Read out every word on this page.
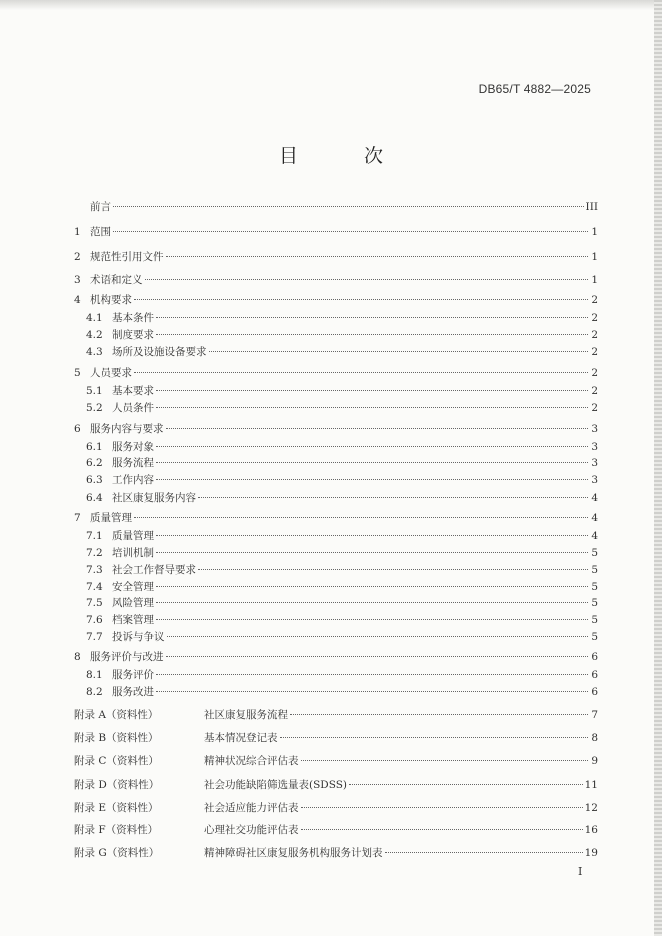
DB65/T 4882—2025
目 次
前言	III
1 范围	1
2 规范性引用文件	1
3 术语和定义	1
4 机构要求	2
4.1 基本条件	2
4.2 制度要求	2
4.3 场所及设施设备要求	2
5 人员要求	2
5.1 基本要求	2
5.2 人员条件	2
6 服务内容与要求	3
6.1 服务对象	3
6.2 服务流程	3
6.3 工作内容	3
6.4 社区康复服务内容	4
7 质量管理	4
7.1 质量管理	4
7.2 培训机制	5
7.3 社会工作督导要求	5
7.4 安全管理	5
7.5 风险管理	5
7.6 档案管理	5
7.7 投诉与争议	5
8 服务评价与改进	6
8.1 服务评价	6
8.2 服务改进	6
附录 A（资料性）	社区康复服务流程	7
附录 B（资料性）	基本情况登记表	8
附录 C（资料性）	精神状况综合评估表	9
附录 D（资料性）	社会功能缺陷筛选量表(SDSS)	11
附录 E（资料性）	社会适应能力评估表	12
附录 F（资料性）	心理社交功能评估表	16
附录 G（资料性）	精神障碍社区康复服务机构服务计划表	19
I
